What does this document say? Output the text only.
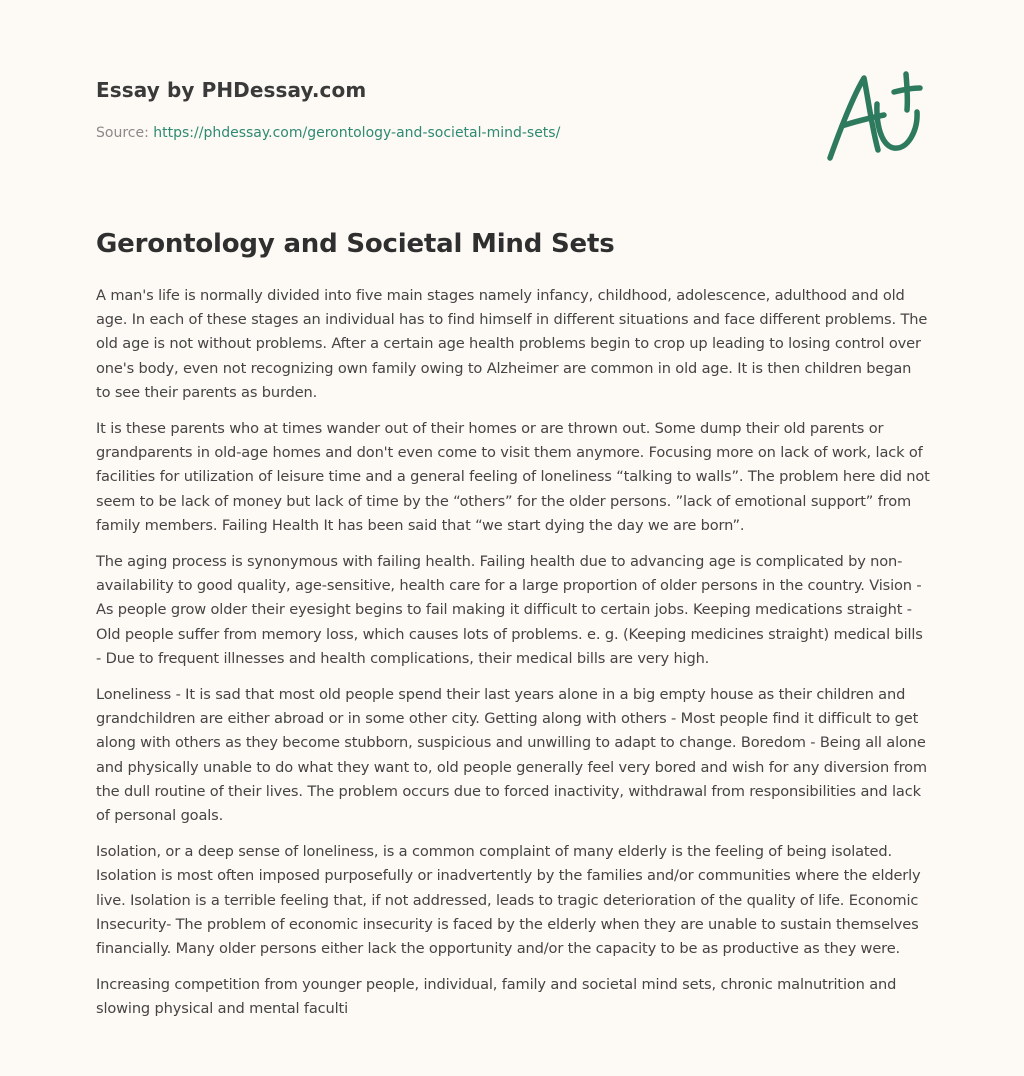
Essay by PHDessay.com
Source: https://phdessay.com/gerontology-and-societal-mind-sets/
Gerontology and Societal Mind Sets

A man's life is normally divided into five main stages namely infancy, childhood, adolescence, adulthood and old age. In each of these stages an individual has to find himself in different situations and face different problems. The old age is not without problems. After a certain age health problems begin to crop up leading to losing control over one's body, even not recognizing own family owing to Alzheimer are common in old age. It is then children began to see their parents as burden.

It is these parents who at times wander out of their homes or are thrown out. Some dump their old parents or grandparents in old-age homes and don't even come to visit them anymore. Focusing more on lack of work, lack of facilities for utilization of leisure time and a general feeling of loneliness “talking to walls”. The problem here did not seem to be lack of money but lack of time by the “others” for the older persons. ”lack of emotional support” from family members. Failing Health It has been said that “we start dying the day we are born”.

The aging process is synonymous with failing health. Failing health due to advancing age is complicated by non-availability to good quality, age-sensitive, health care for a large proportion of older persons in the country. Vision - As people grow older their eyesight begins to fail making it difficult to certain jobs. Keeping medications straight - Old people suffer from memory loss, which causes lots of problems. e. g. (Keeping medicines straight) medical bills - Due to frequent illnesses and health complications, their medical bills are very high.

Loneliness - It is sad that most old people spend their last years alone in a big empty house as their children and grandchildren are either abroad or in some other city. Getting along with others - Most people find it difficult to get along with others as they become stubborn, suspicious and unwilling to adapt to change. Boredom - Being all alone and physically unable to do what they want to, old people generally feel very bored and wish for any diversion from the dull routine of their lives. The problem occurs due to forced inactivity, withdrawal from responsibilities and lack of personal goals.

Isolation, or a deep sense of loneliness, is a common complaint of many elderly is the feeling of being isolated. Isolation is most often imposed purposefully or inadvertently by the families and/or communities where the elderly live. Isolation is a terrible feeling that, if not addressed, leads to tragic deterioration of the quality of life. Economic Insecurity- The problem of economic insecurity is faced by the elderly when they are unable to sustain themselves financially. Many older persons either lack the opportunity and/or the capacity to be as productive as they were.

Increasing competition from younger people, individual, family and societal mind sets, chronic malnutrition and slowing physical and mental faculti
